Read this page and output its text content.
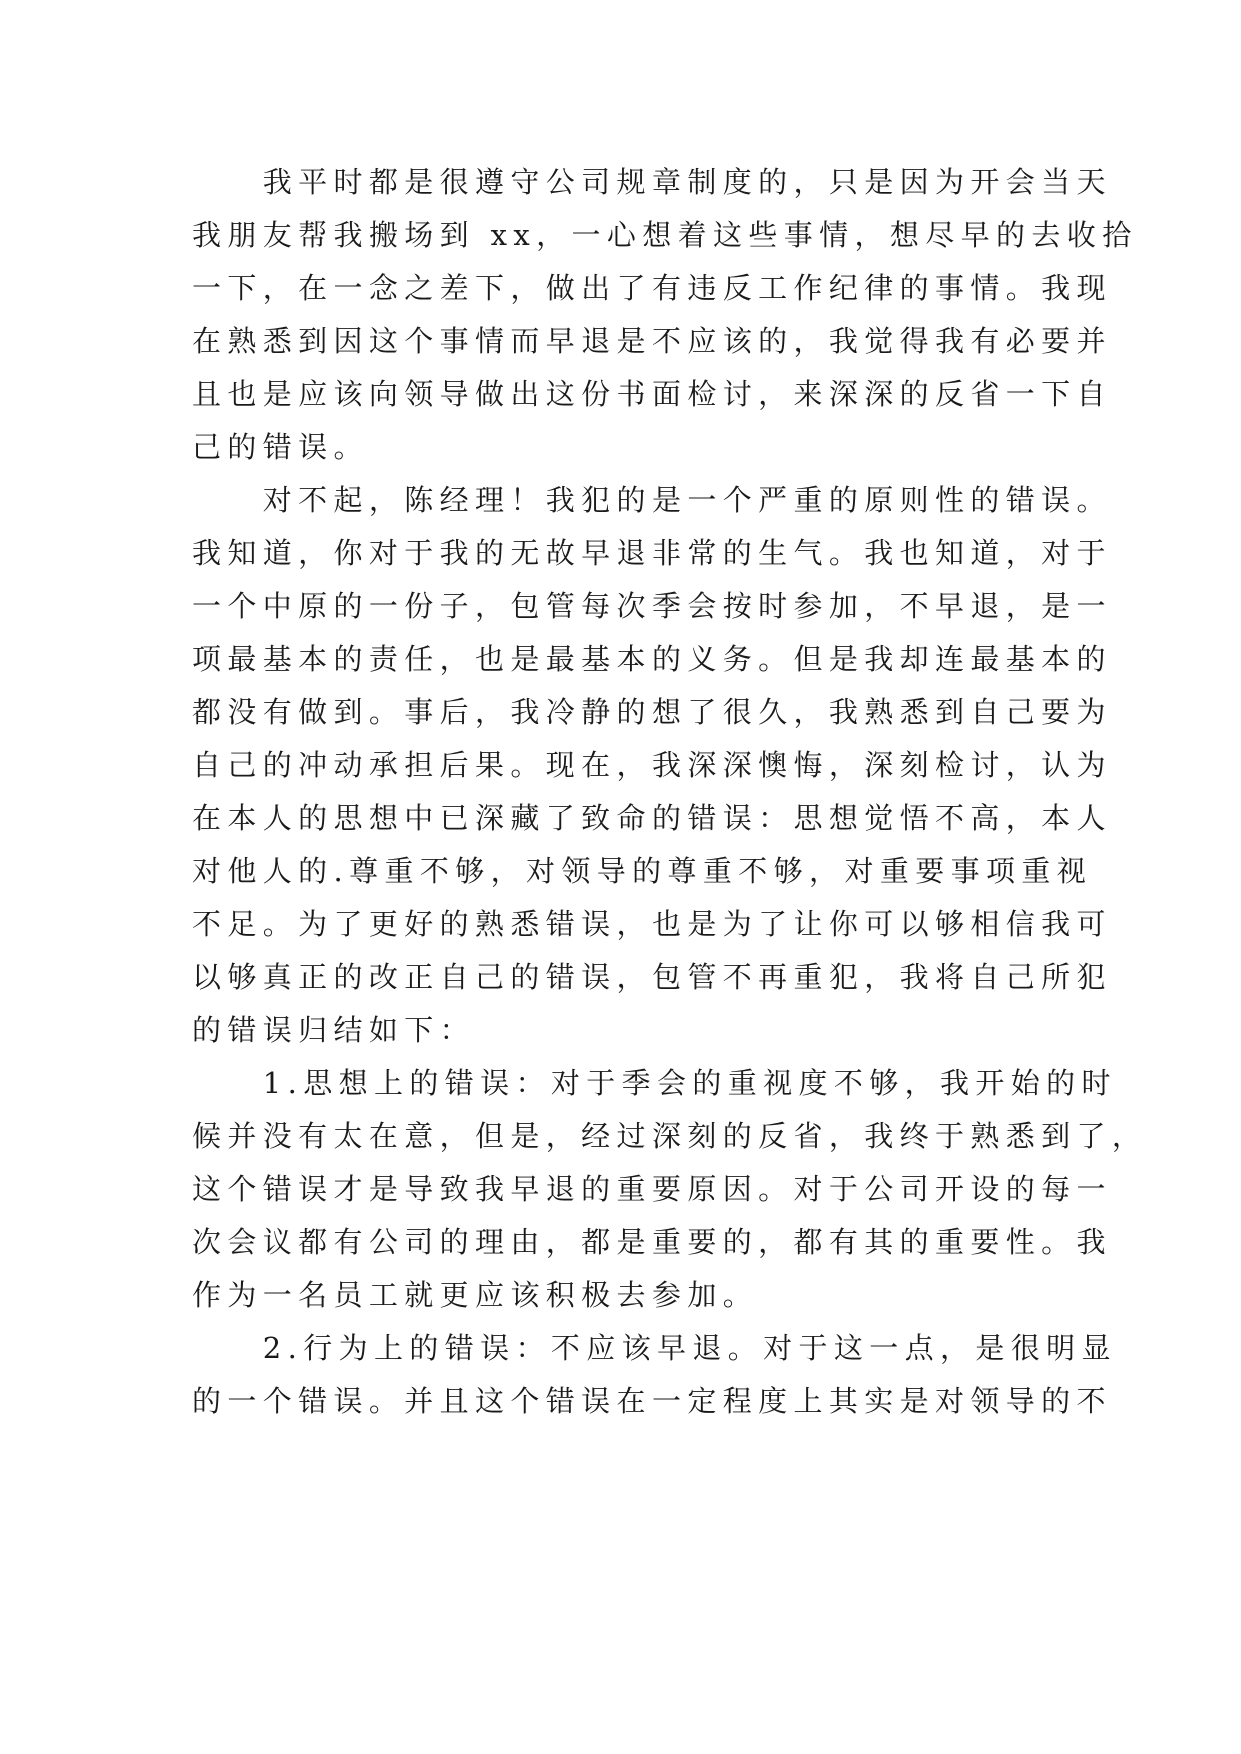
　　我平时都是很遵守公司规章制度的，只是因为开会当天
我朋友帮我搬场到 xx，一心想着这些事情，想尽早的去收拾
一下，在一念之差下，做出了有违反工作纪律的事情。我现
在熟悉到因这个事情而早退是不应该的，我觉得我有必要并
且也是应该向领导做出这份书面检讨，来深深的反省一下自
己的错误。
　　对不起，陈经理！我犯的是一个严重的原则性的错误。
我知道，你对于我的无故早退非常的生气。我也知道，对于
一个中原的一份子，包管每次季会按时参加，不早退，是一
项最基本的责任，也是最基本的义务。但是我却连最基本的
都没有做到。事后，我冷静的想了很久，我熟悉到自己要为
自己的冲动承担后果。现在，我深深懊悔，深刻检讨，认为
在本人的思想中已深藏了致命的错误：思想觉悟不高，本人
对他人的.尊重不够，对领导的尊重不够，对重要事项重视
不足。为了更好的熟悉错误，也是为了让你可以够相信我可
以够真正的改正自己的错误，包管不再重犯，我将自己所犯
的错误归结如下：
　　1.思想上的错误：对于季会的重视度不够，我开始的时
候并没有太在意，但是，经过深刻的反省，我终于熟悉到了，
这个错误才是导致我早退的重要原因。对于公司开设的每一
次会议都有公司的理由，都是重要的，都有其的重要性。我
作为一名员工就更应该积极去参加。
　　2.行为上的错误：不应该早退。对于这一点，是很明显
的一个错误。并且这个错误在一定程度上其实是对领导的不
